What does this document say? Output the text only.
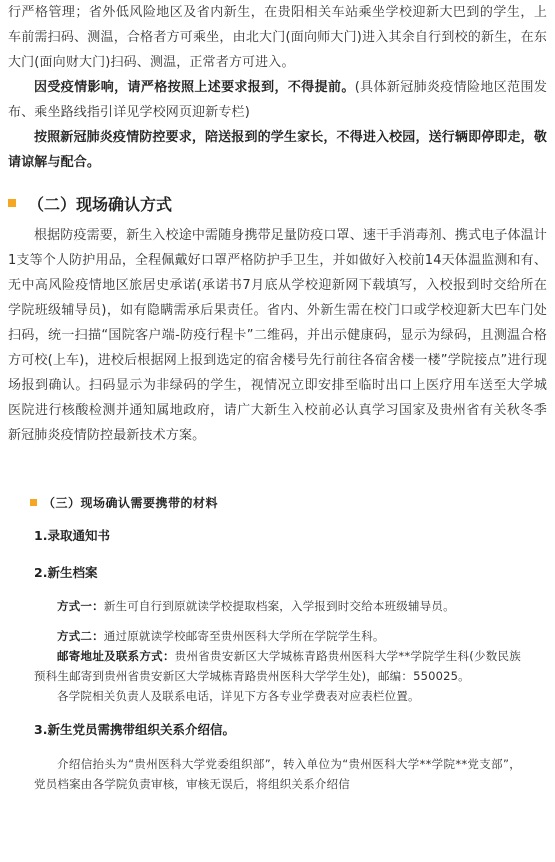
行严格管理；省外低风险地区及省内新生，在贵阳相关车站乘坐学校迎新大巴到的学生，上车前需扫码、测温，合格者方可乘坐，由北大门(面向师大门)进入其余自行到校的新生，在东大门(面向财大门)扫码、测温，正常者方可进入。

因受疫情影响，请严格按照上述要求报到，不得提前。(具体新冠肺炎疫情险地区范围发布、乘坐路线指引详见学校网页迎新专栏)

按照新冠肺炎疫情防控要求，陪送报到的学生家长，不得进入校园，送行辆即停即走，敬请谅解与配合。

（二）现场确认方式

根据防疫需要，新生入校途中需随身携带足量防疫口罩、速干手消毒剂、携式电子体温计1支等个人防护用品，全程佩戴好口罩严格防护手卫生，并如做好入校前14天体温监测和有、无中高风险疫情地区旅居史承诺(承诺书7月底从学校迎新网下载填写，入校报到时交给所在学院班级辅导员)，如有隐瞒需承后果责任。省内、外新生需在校门口或学校迎新大巴车门处扫码，统一扫描“国院客户端-防疫行程卡”二维码，并出示健康码，显示为绿码，且测温合格方可校(上车)，进校后根据网上报到选定的宿舍楼号先行前往各宿舍楼一楼”学院接点”进行现场报到确认。扫码显示为非绿码的学生，视情况立即安排至临时出口上医疗用车送至大学城医院进行核酸检测并通知属地政府，请广大新生入校前必认真学习国家及贵州省有关秋冬季新冠肺炎疫情防控最新技术方案。

（三）现场确认需要携带的材料
1.录取通知书
2.新生档案

方式一：新生可自行到原就读学校提取档案，入学报到时交给本班级辅导员。

方式二：通过原就读学校邮寄至贵州医科大学所在学院学生科。

邮寄地址及联系方式：贵州省贵安新区大学城栋青路贵州医科大学**学院学生科(少数民族预科生邮寄到贵州省贵安新区大学城栋青路贵州医科大学学生处)，邮编：550025。

各学院相关负责人及联系电话，详见下方各专业学费表对应表栏位置。

3.新生党员需携带组织关系介绍信。

介绍信抬头为“贵州医科大学党委组织部”，转入单位为“贵州医科大学**学院**党支部”，党员档案由各学院负责审核，审核无误后，将组织关系介绍信
